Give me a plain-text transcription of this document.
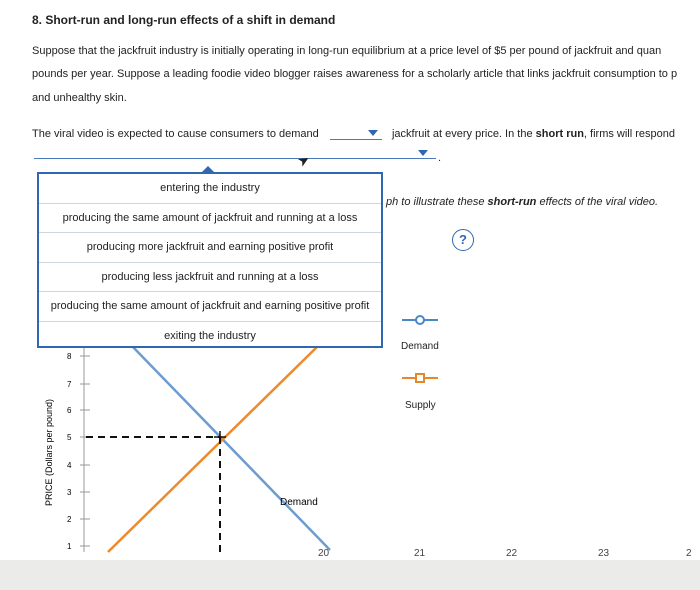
8. Short-run and long-run effects of a shift in demand
Suppose that the jackfruit industry is initially operating in long-run equilibrium at a price level of $5 per pound of jackfruit and quan
pounds per year. Suppose a leading foodie video blogger raises awareness for a scholarly article that links jackfruit consumption to p
and unhealthy skin.
The viral video is expected to cause consumers to demand	jackfruit at every price. In the short run, firms will respond
.
➤
ph to illustrate these short-run effects of the viral video.
?
8
7
6
5
4
3
2
1
PRICE (Dollars per pound)	Demand
20	21	22	23	2
Demand
Supply
entering the industry
producing the same amount of jackfruit and running at a loss
producing more jackfruit and earning positive profit
producing less jackfruit and running at a loss
producing the same amount of jackfruit and earning positive profit
exiting the industry
